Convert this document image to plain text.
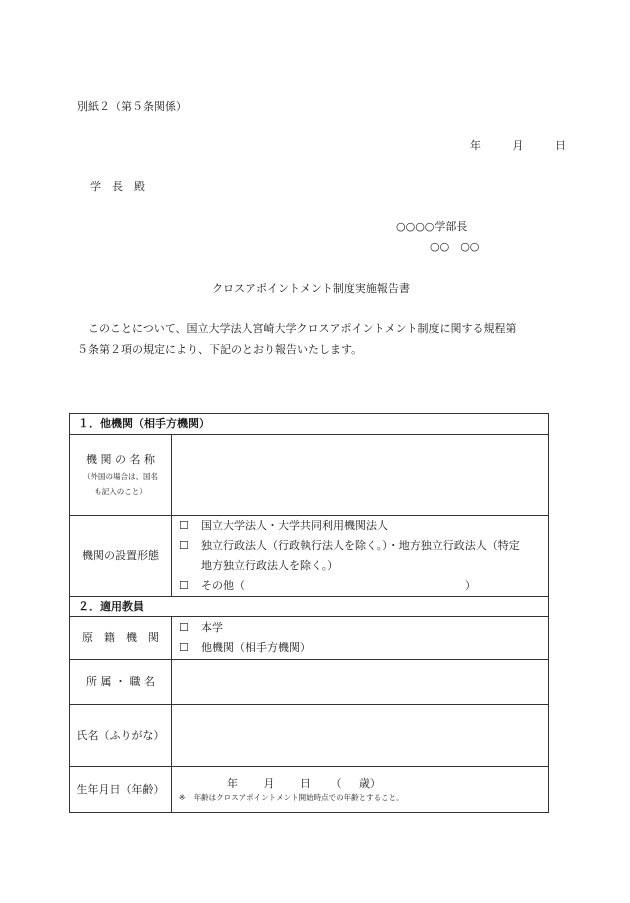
別紙２（第５条関係）
年	月	日
学　長　殿
○○○○学部長
○○　○○
クロスアポイントメント制度実施報告書
このことについて、国立大学法人宮崎大学クロスアポイントメント制度に関する規程第
５条第２項の規定により、下記のとおり報告いたします。
１．他機関（相手方機関）	

機 関 の 名 称
（外国の場合は、国名
も記入のこと）	

機関の設置形態	☐ 国立大学法人・大学共同利用機関法人
☐ 独立行政法人（行政執行法人を除く。）・地方独立行政法人（特定
地方独立行政法人を除く。）
☐ その他（　　　　　　　　　　　　　　　　　　　　）

２．適用教員	
原　籍　機　関	☐ 本学
☐ 他機関（相手方機関）

所 属 ・ 職 名	
氏名（ふりがな）	
生年月日（年齢）	年 月 日 （ 歳）
※ 年齢はクロスアポイントメント開始時点での年齢とすること。
